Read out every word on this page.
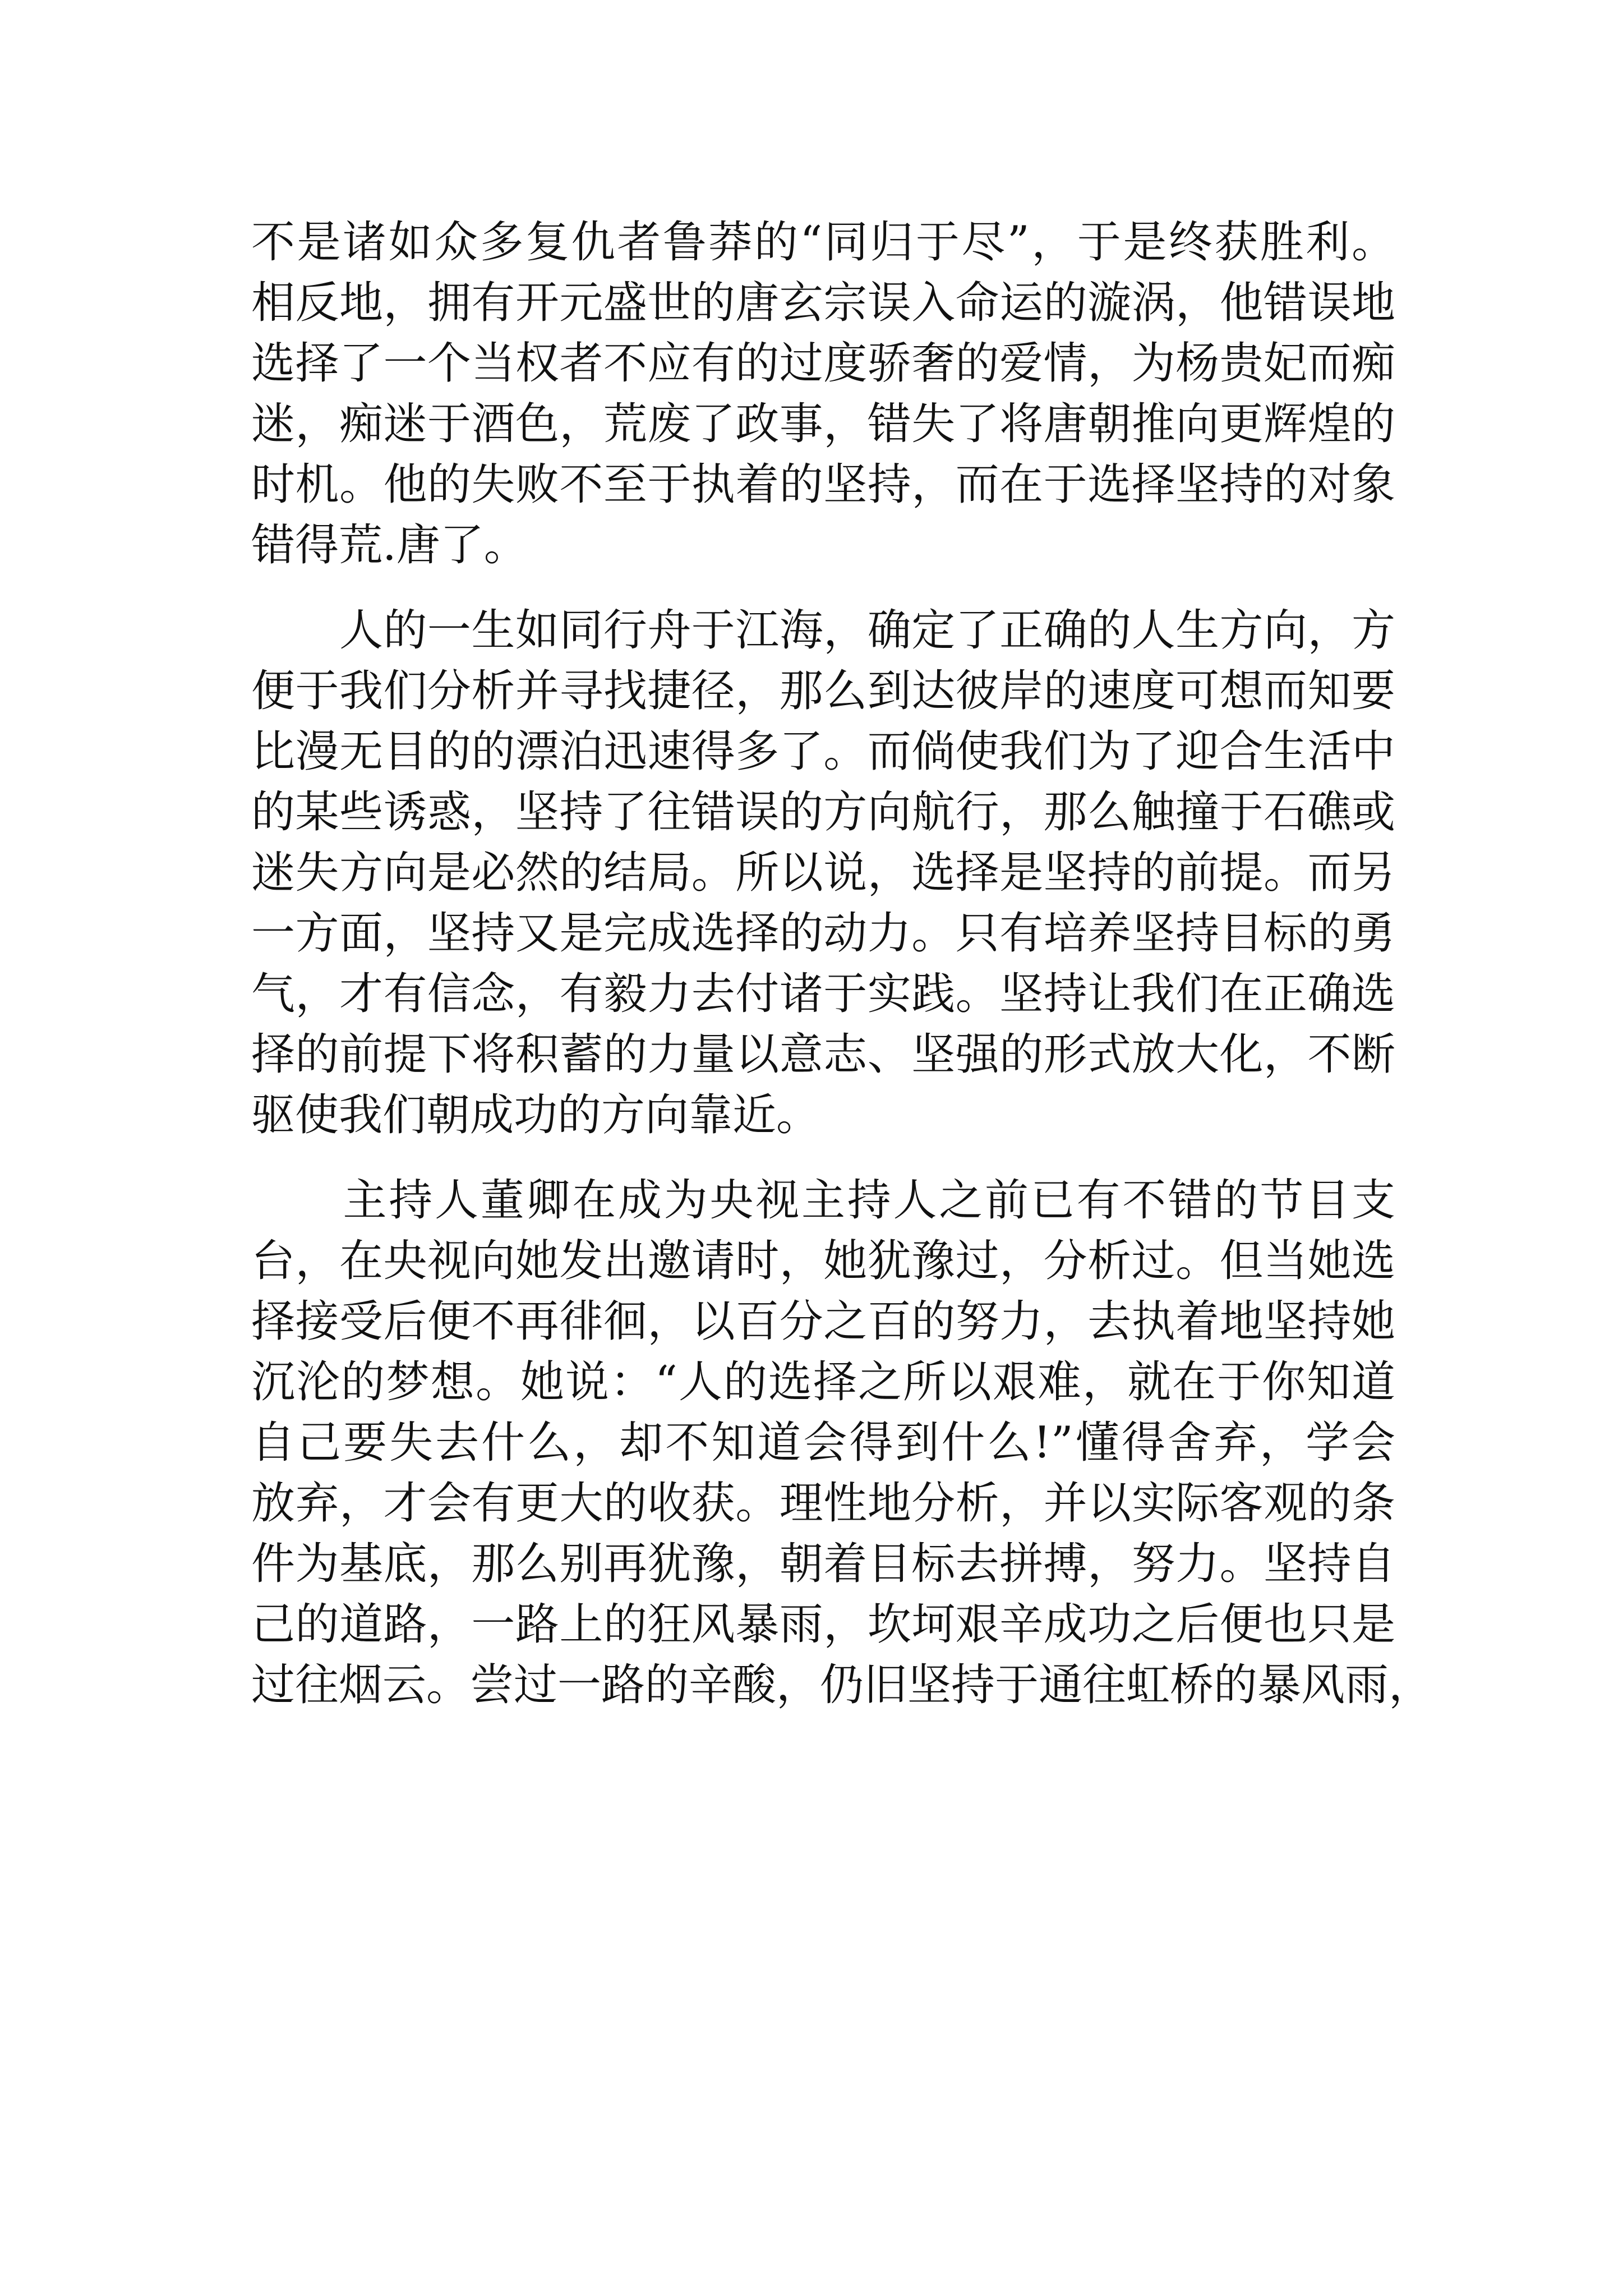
不是诸如众多复仇者鲁莽的“同归于尽”，于是终获胜利。
相反地，拥有开元盛世的唐玄宗误入命运的漩涡，他错误地
选择了一个当权者不应有的过度骄奢的爱情，为杨贵妃而痴
迷，痴迷于酒色，荒废了政事，错失了将唐朝推向更辉煌的
时机。他的失败不至于执着的坚持，而在于选择坚持的对象
错得荒.唐了。
　　人的一生如同行舟于江海，确定了正确的人生方向，方
便于我们分析并寻找捷径，那么到达彼岸的速度可想而知要
比漫无目的的漂泊迅速得多了。而倘使我们为了迎合生活中
的某些诱惑，坚持了往错误的方向航行，那么触撞于石礁或
迷失方向是必然的结局。所以说，选择是坚持的前提。而另
一方面，坚持又是完成选择的动力。只有培养坚持目标的勇
气，才有信念，有毅力去付诸于实践。坚持让我们在正确选
择的前提下将积蓄的力量以意志、坚强的形式放大化，不断
驱使我们朝成功的方向靠近。
　　主持人董卿在成为央视主持人之前已有不错的节目支
台，在央视向她发出邀请时，她犹豫过，分析过。但当她选
择接受后便不再徘徊，以百分之百的努力，去执着地坚持她
沉沦的梦想。她说：“人的选择之所以艰难，就在于你知道
自己要失去什么，却不知道会得到什么!”懂得舍弃，学会
放弃，才会有更大的收获。理性地分析，并以实际客观的条
件为基底，那么别再犹豫，朝着目标去拼搏，努力。坚持自
己的道路，一路上的狂风暴雨，坎坷艰辛成功之后便也只是
过往烟云。尝过一路的辛酸，仍旧坚持于通往虹桥的暴风雨，
